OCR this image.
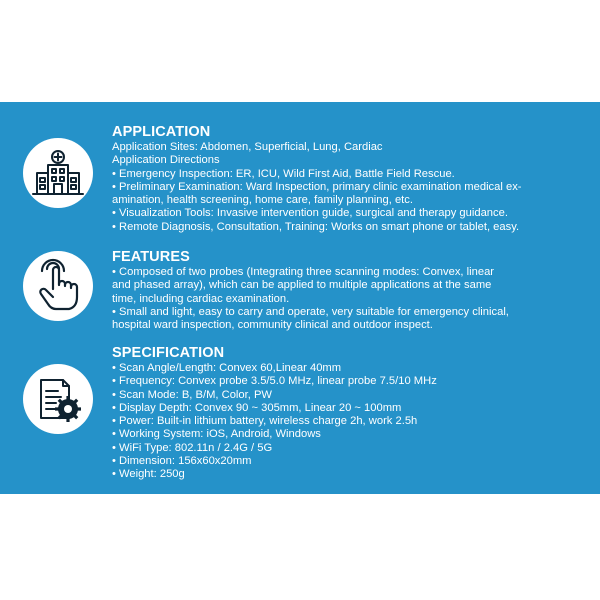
APPLICATION
Application Sites: Abdomen, Superficial, Lung, Cardiac
Application Directions
• Emergency Inspection: ER, ICU, Wild First Aid, Battle Field Rescue.
• Preliminary Examination: Ward Inspection, primary clinic examination medical ex-
amination, health screening, home care, family planning, etc.
• Visualization Tools: Invasive intervention guide, surgical and therapy guidance.
• Remote Diagnosis, Consultation, Training: Works on smart phone or tablet, easy.
FEATURES
• Composed of two probes (Integrating three scanning modes: Convex, linear
and phased array), which can be applied to multiple applications at the same
time, including cardiac examination.
• Small and light, easy to carry and operate, very suitable for emergency clinical,
hospital ward inspection, community clinical and outdoor inspect.
SPECIFICATION
• Scan Angle/Length: Convex 60,Linear 40mm
• Frequency: Convex probe 3.5/5.0 MHz, linear probe 7.5/10 MHz
• Scan Mode: B, B/M, Color, PW
• Display Depth: Convex 90 ~ 305mm, Linear 20 ~ 100mm
• Power: Built-in lithium battery, wireless charge 2h, work 2.5h
• Working System: iOS, Android, Windows
• WiFi Type: 802.11n / 2.4G / 5G
• Dimension: 156x60x20mm
• Weight: 250g
